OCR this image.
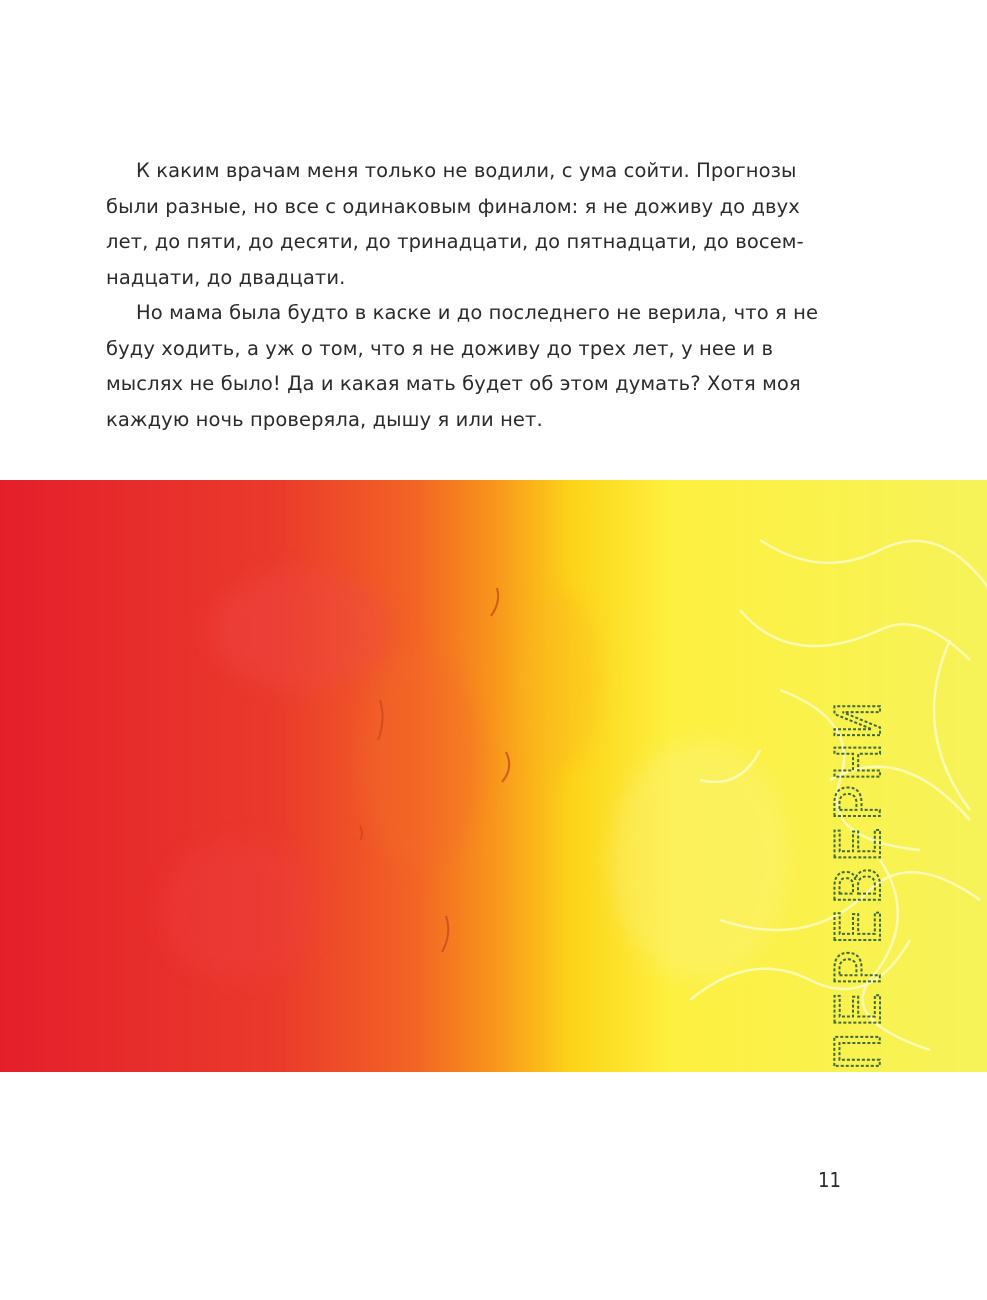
К каким врачам меня только не водили, с ума сойти. Прогнозы были разные, но все с одинаковым финалом: я не доживу до двух лет, до пяти, до десяти, до тринадцати, до пятнадцати, до восем-надцати, до двадцати.

Но мама была будто в каске и до последнего не верила, что я не буду ходить, а уж о том, что я не доживу до трех лет, у нее и в мыслях не было! Да и какая мать будет об этом думать? Хотя моя каждую ночь проверяла, дышу я или нет.

ПЕРЕВЕРНИ
11
